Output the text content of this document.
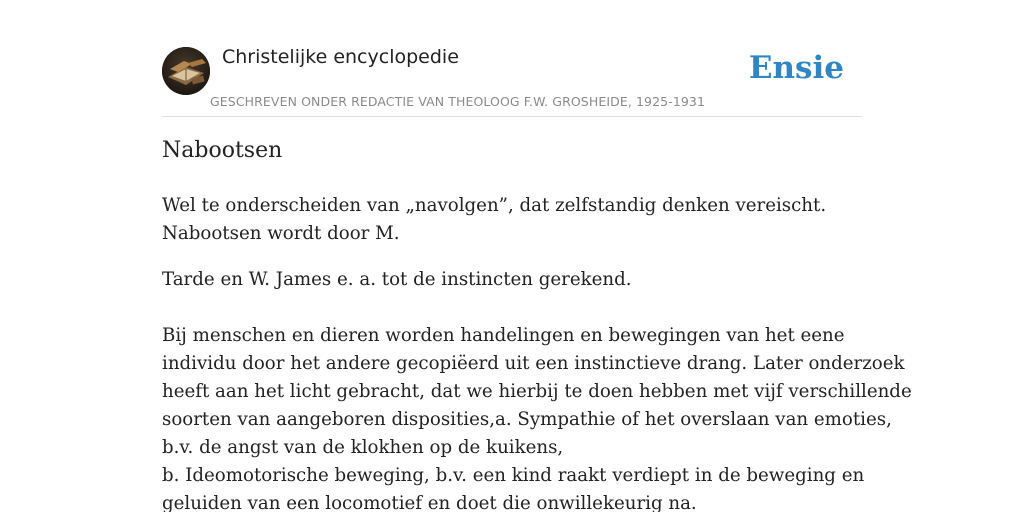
Christelijke encyclopedie
GESCHREVEN ONDER REDACTIE VAN THEOLOOG F.W. GROSHEIDE, 1925-1931
Ensie
Nabootsen

Wel te onderscheiden van „navolgen”, dat zelfstandig denken vereischt.
Nabootsen wordt door M.

Tarde en W. James e. a. tot de instincten gerekend.

Bij menschen en dieren worden handelingen en bewegingen van het eene
individu door het andere gecopiëerd uit een instinctieve drang. Later onderzoek
heeft aan het licht gebracht, dat we hierbij te doen hebben met vijf verschillende
soorten van aangeboren disposities,a. Sympathie of het overslaan van emoties,
b.v. de angst van de klokhen op de kuikens,
b. Ideomotorische beweging, b.v. een kind raakt verdiept in de beweging en
geluiden van een locomotief en doet die onwillekeurig na.
